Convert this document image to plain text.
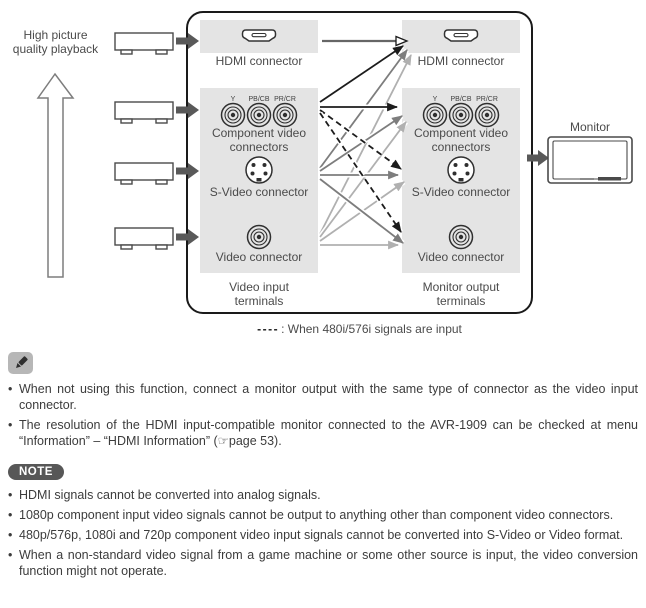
Y PB/CB PR/CR	Y PB/CB PR/CR
High picture quality playback
HDMI connector
Component video connectors
S-Video connector
Video connector
Video input terminals
HDMI connector
Component video connectors
S-Video connector
Video connector
Monitor output terminals
Monitor
---- : When 480i/576i signals are input
• When not using this function, connect a monitor output with the same type of connector as the video input connector.
• The resolution of the HDMI input-compatible monitor connected to the AVR-1909 can be checked at menu “Information” – “HDMI Information” (☞page 53).
NOTE
• HDMI signals cannot be converted into analog signals.
• 1080p component input video signals cannot be output to anything other than component video connectors.
• 480p/576p, 1080i and 720p component video input signals cannot be converted into S-Video or Video format.
• When a non-standard video signal from a game machine or some other source is input, the video conversion function might not operate.
